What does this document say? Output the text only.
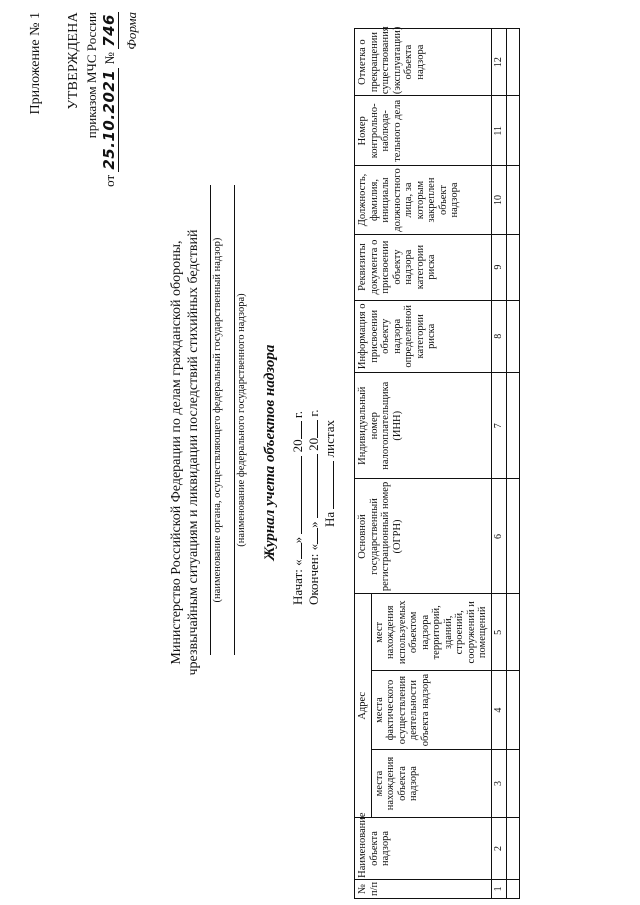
Приложение № 1 УТВЕРЖДЕНА приказом МЧС России
от 25.10.2021 № 746 Форма
Министерство Российской Федерации по делам гражданской обороны, чрезвычайным ситуациям и ликвидации последствий стихийных бедствий (наименование органа, осуществляющего федеральный государственный надзор) (наименование федерального государственного надзора) Журнал учета объектов надзора
Начат: «»  20 г.
Окончен: «»  20 г.
На  листах
№ п/п	Наименование объекта надзора	Адрес			Основной государственный регистрационный номер (ОГРН)	Индивидуальный номер налогоплательщика (ИНН)	Информация о присвоении объекту надзора определенной категории риска	Реквизиты документа о присвоении объекту надзора категории риска	Должность, фамилия, инициалы должностного лица, за которым закреплен объект надзора	Номер контрольно-наблюда-тельного дела	Отметка о прекращении существования (эксплуатации) объекта надзора
		места нахождения объекта надзора	места фактического осуществления деятельности объекта надзора	мест нахождения используемых объектом надзора территорий, зданий, строений, сооружений и помещений							
1	2	3	4	5	6	7	8	9	10	11	12
